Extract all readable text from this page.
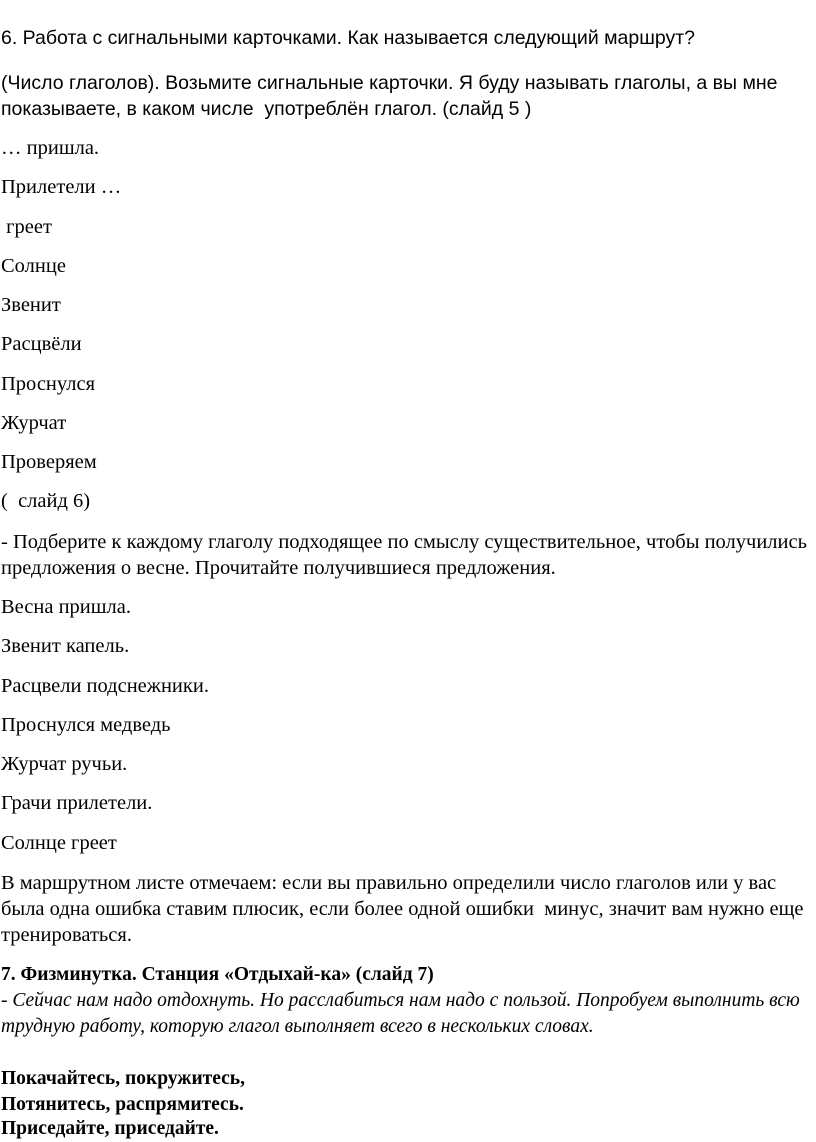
6. Работа с сигнальными карточками. Как называется следующий маршрут?

(Число глаголов). Возьмите сигнальные карточки. Я буду называть глаголы, а вы мне показываете, в каком числе  употреблён глагол. (слайд 5 )

… пришла.

Прилетели …

греет

Солнце

Звенит

Расцвёли

Проснулся

Журчат

Проверяем

(  слайд 6)

- Подберите к каждому глаголу подходящее по смыслу существительное, чтобы получились предложения о весне. Прочитайте получившиеся предложения.

Весна пришла.

Звенит капель.

Расцвели подснежники.

Проснулся медведь

Журчат ручьи.

Грачи прилетели.

Солнце греет

В маршрутном листе отмечаем: если вы правильно определили число глаголов или у вас была одна ошибка ставим плюсик, если более одной ошибки  минус, значит вам нужно еще тренироваться.

7. Физминутка. Станция «Отдыхай-ка» (слайд 7)

- Сейчас нам надо отдохнуть. Но расслабиться нам надо с пользой. Попробуем выполнить всю трудную работу, которую глагол выполняет всего в нескольких словах.

Покачайтесь, покружитесь,

Потянитесь, распрямитесь.

Приседайте, приседайте.
